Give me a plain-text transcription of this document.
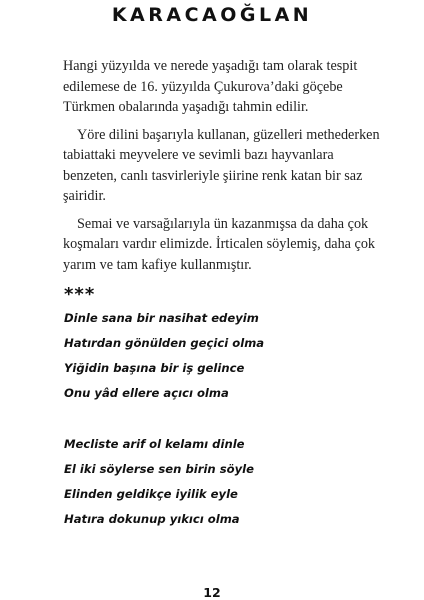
KARACAOĞLAN

Hangi yüzyılda ve nerede yaşadığı tam olarak tespit edilemese de 16. yüzyılda Çukurova’daki göçebe Türkmen obalarında yaşadığı tahmin edilir.

Yöre dilini başarıyla kullanan, güzelleri methederken tabiattaki meyvelere ve sevimli bazı hayvanlara benzeten, canlı tasvirleriyle şiirine renk katan bir saz şairidir.

Semai ve varsağılarıyla ün kazanmışsa da daha çok koşmaları vardır elimizde. İrticalen söylemiş, daha çok yarım ve tam kafiye kullanmıştır.

***
Dinle sana bir nasihat edeyim
Hatırdan gönülden geçici olma
Yiğidin başına bir iş gelince
Onu yâd ellere açıcı olma
Mecliste arif ol kelamı dinle
El iki söylerse sen birin söyle
Elinden geldikçe iyilik eyle
Hatıra dokunup yıkıcı olma
12
